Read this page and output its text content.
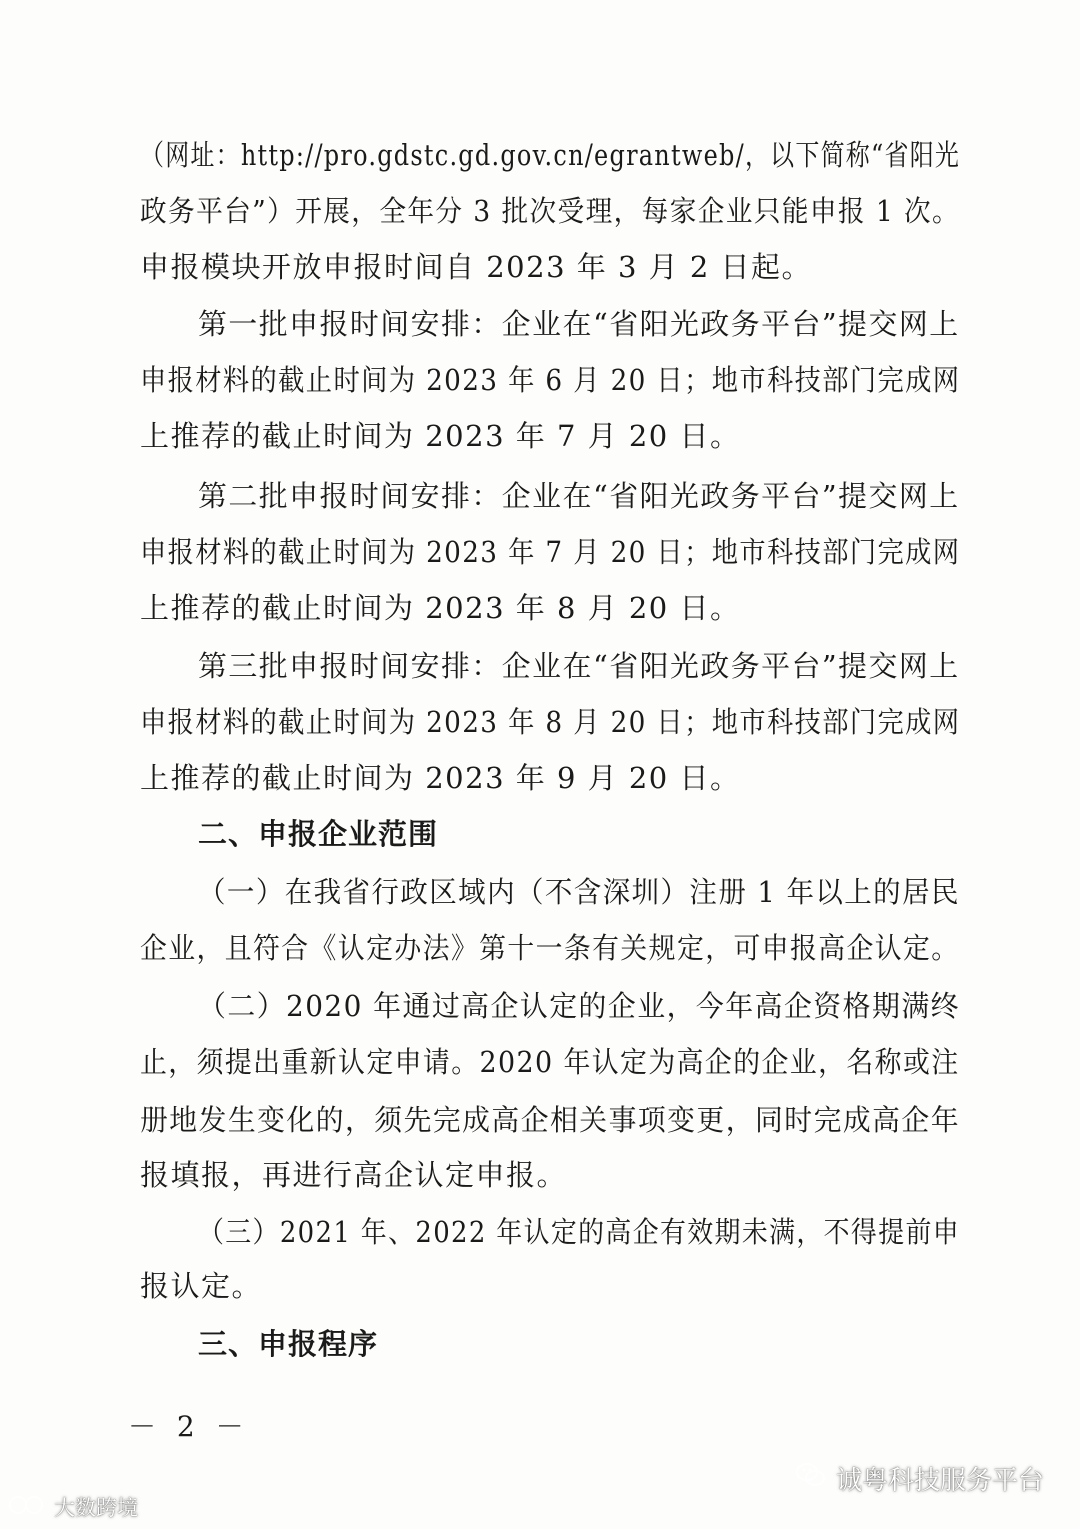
（网址：http://pro.gdstc.gd.gov.cn/egrantweb/，以下简称“省阳光
政务平台”）开展，全年分 3 批次受理，每家企业只能申报 1 次。
申报模块开放申报时间自 2023 年 3 月 2 日起。
第一批申报时间安排：企业在“省阳光政务平台”提交网上
申报材料的截止时间为 2023 年 6 月 20 日；地市科技部门完成网
上推荐的截止时间为 2023 年 7 月 20 日。
第二批申报时间安排：企业在“省阳光政务平台”提交网上
申报材料的截止时间为 2023 年 7 月 20 日；地市科技部门完成网
上推荐的截止时间为 2023 年 8 月 20 日。
第三批申报时间安排：企业在“省阳光政务平台”提交网上
申报材料的截止时间为 2023 年 8 月 20 日；地市科技部门完成网
上推荐的截止时间为 2023 年 9 月 20 日。
二、申报企业范围
（一）在我省行政区域内（不含深圳）注册 1 年以上的居民
企业，且符合《认定办法》第十一条有关规定，可申报高企认定。
（二）2020 年通过高企认定的企业，今年高企资格期满终
止，须提出重新认定申请。2020 年认定为高企的企业，名称或注
册地发生变化的，须先完成高企相关事项变更，同时完成高企年
报填报，再进行高企认定申报。
（三）2021 年、2022 年认定的高企有效期未满，不得提前申
报认定。
三、申报程序
－ 2 －
诚粤科技服务平台
大数跨境
